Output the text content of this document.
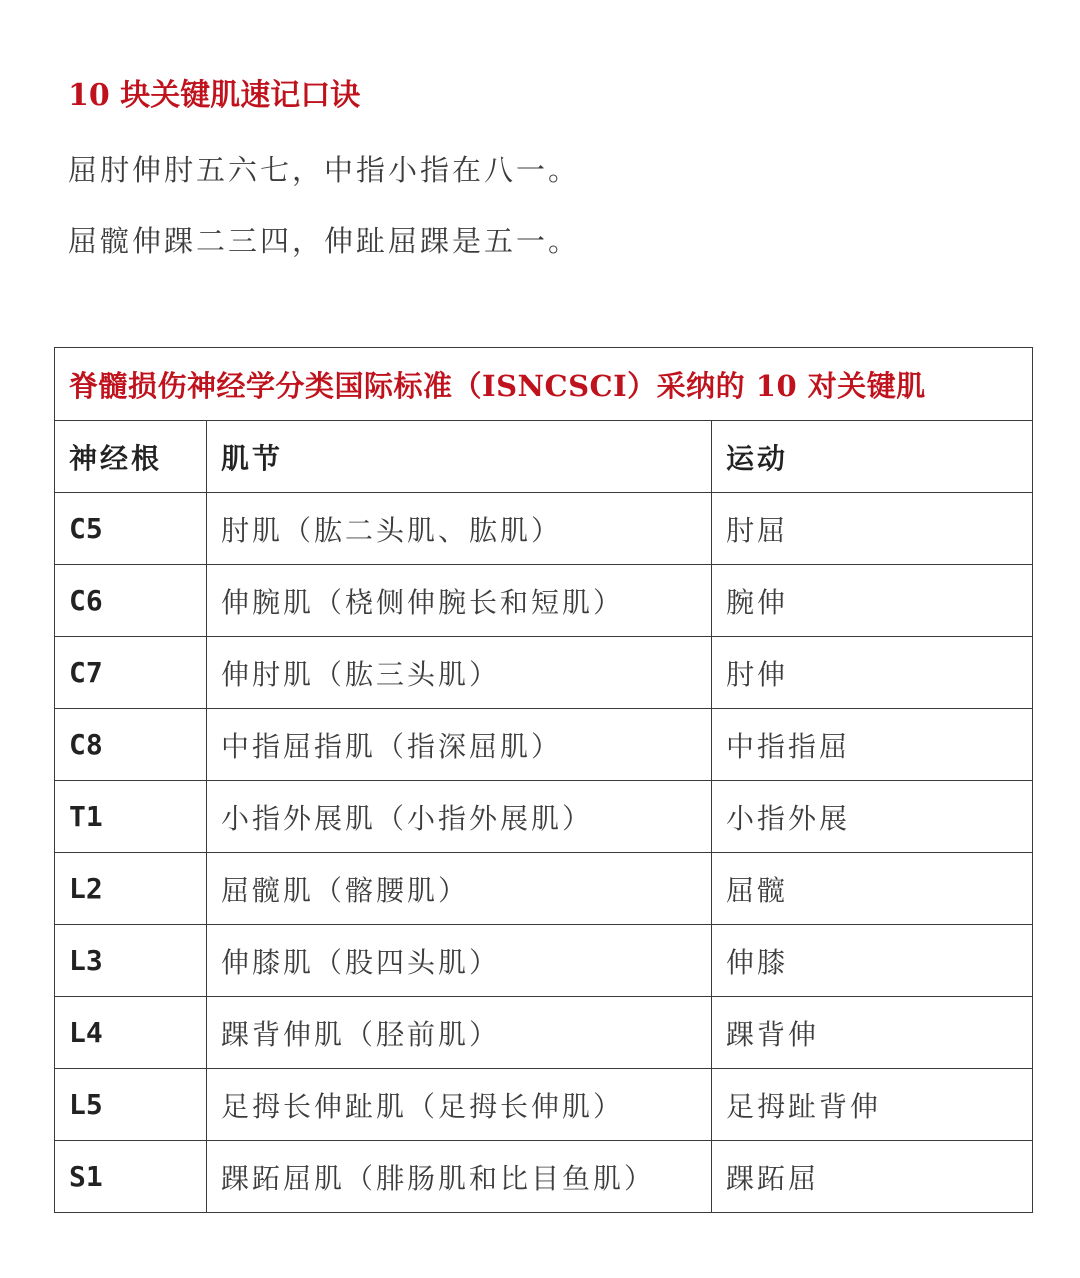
10 块关键肌速记口诀

屈肘伸肘五六七，中指小指在八一。

屈髋伸踝二三四，伸趾屈踝是五一。

脊髓损伤神经学分类国际标准（ISNCSCI）采纳的 10 对关键肌		
神经根	肌节	运动
C5	肘肌（肱二头肌、肱肌）	肘屈
C6	伸腕肌（桡侧伸腕长和短肌）	腕伸
C7	伸肘肌（肱三头肌）	肘伸
C8	中指屈指肌（指深屈肌）	中指指屈
T1	小指外展肌（小指外展肌）	小指外展
L2	屈髋肌（髂腰肌）	屈髋
L3	伸膝肌（股四头肌）	伸膝
L4	踝背伸肌（胫前肌）	踝背伸
L5	足拇长伸趾肌（足拇长伸肌）	足拇趾背伸
S1	踝跖屈肌（腓肠肌和比目鱼肌）	踝跖屈
